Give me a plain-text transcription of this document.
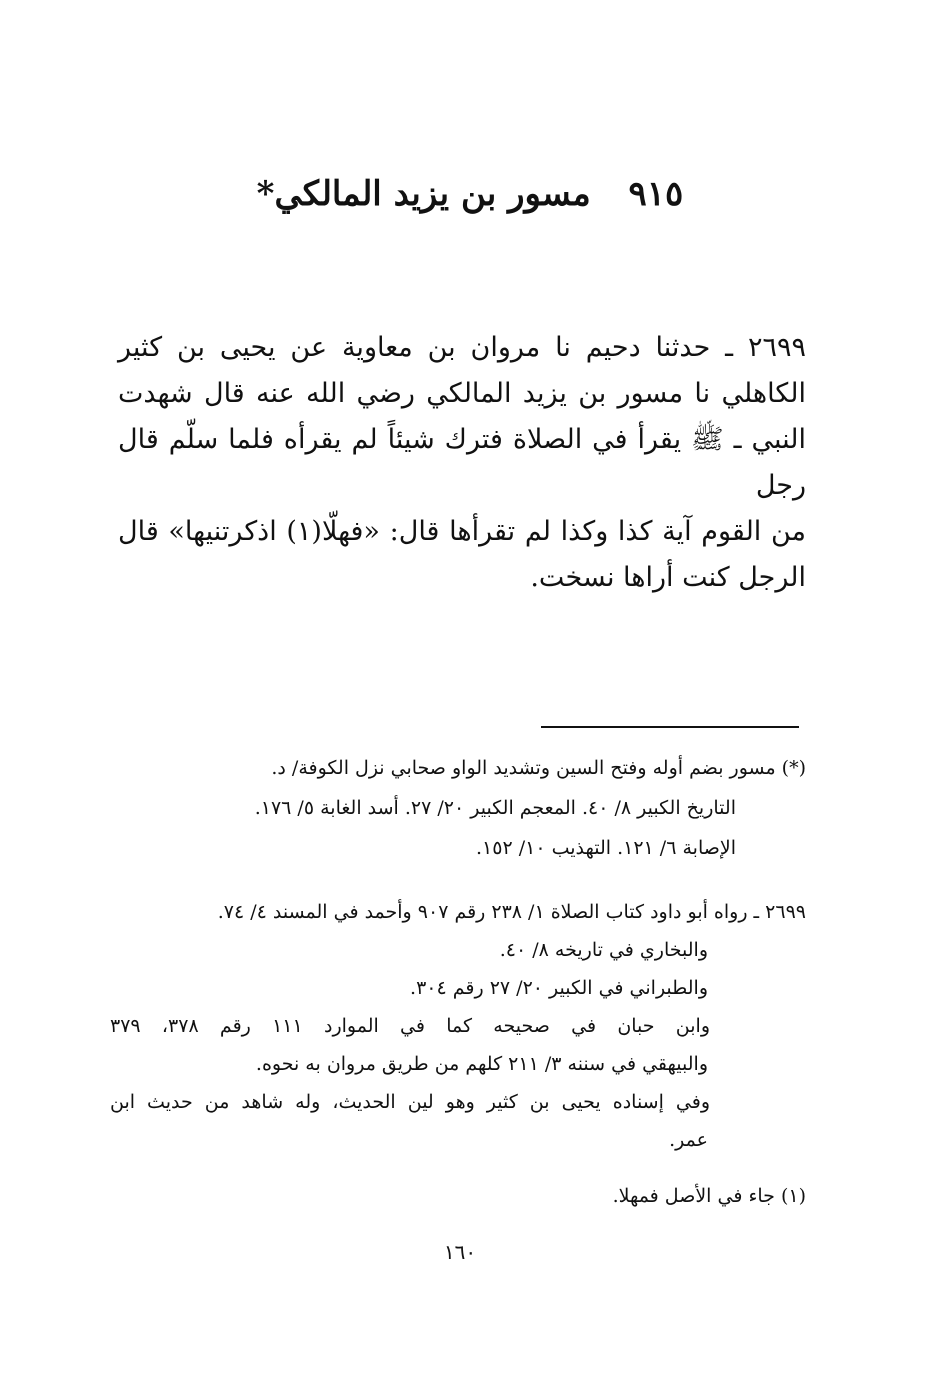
٩١٥ مسور بن يزيد المالكي*
٢٦٩٩ ـ حدثنا دحيم نا مروان بن معاوية عن يحيى بن كثير
الكاهلي نا مسور بن يزيد المالكي رضي الله عنه قال شهدت
النبي ـ ﷺ يقرأ في الصلاة فترك شيئاً لم يقرأه فلما سلّم قال رجل
من القوم آية كذا وكذا لم تقرأها قال: «فهلّا(١) اذكرتنيها» قال
الرجل كنت أراها نسخت.
(*) مسور بضم أوله وفتح السين وتشديد الواو صحابي نزل الكوفة/ د.
التاريخ الكبير ٨/ ٤٠. المعجم الكبير ٢٠/ ٢٧. أسد الغابة ٥/ ١٧٦.
الإصابة ٦/ ١٢١. التهذيب ١٠/ ١٥٢.
٢٦٩٩ ـ رواه أبو داود كتاب الصلاة ١/ ٢٣٨ رقم ٩٠٧ وأحمد في المسند ٤/ ٧٤.
والبخاري في تاريخه ٨/ ٤٠.
والطبراني في الكبير ٢٠/ ٢٧ رقم ٣٠٤.
وابن حبان في صحيحه كما في الموارد ١١١ رقم ٣٧٨، ٣٧٩
والبيهقي في سننه ٣/ ٢١١ كلهم من طريق مروان به نحوه.
وفي إسناده يحيى بن كثير وهو لين الحديث، وله شاهد من حديث ابن
عمر.
(١) جاء في الأصل فمهلا.
١٦٠
